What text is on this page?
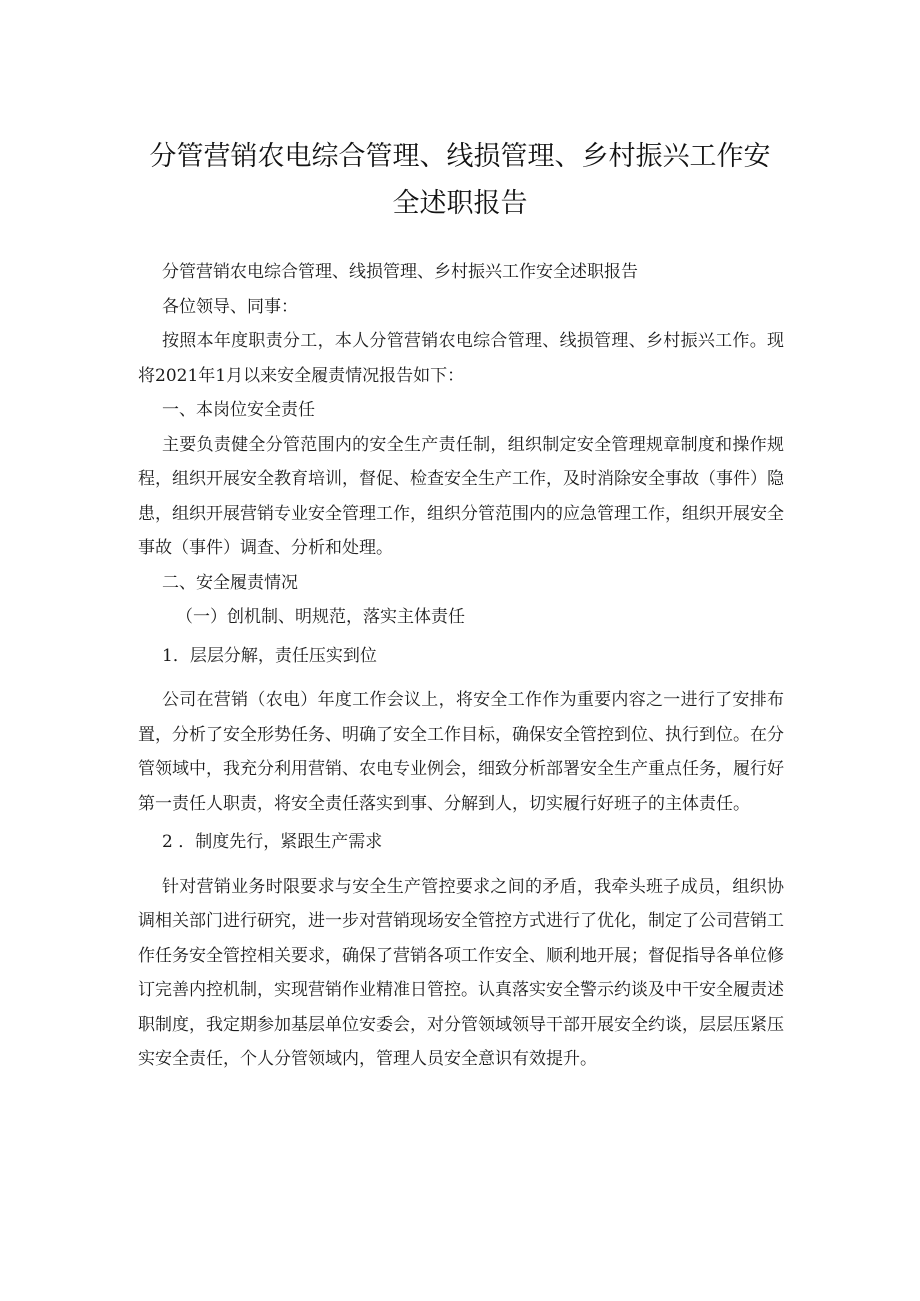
分管营销农电综合管理、线损管理、乡村振兴工作安
全述职报告

分管营销农电综合管理、线损管理、乡村振兴工作安全述职报告

各位领导、同事：

按照本年度职责分工，本人分管营销农电综合管理、线损管理、乡村振兴工作。现将2021年1月以来安全履责情况报告如下：

一、本岗位安全责任

主要负责健全分管范围内的安全生产责任制，组织制定安全管理规章制度和操作规程，组织开展安全教育培训，督促、检查安全生产工作，及时消除安全事故（事件）隐患，组织开展营销专业安全管理工作，组织分管范围内的应急管理工作，组织开展安全事故（事件）调查、分析和处理。

二、安全履责情况

（一）创机制、明规范，落实主体责任

1．层层分解，责任压实到位

公司在营销（农电）年度工作会议上，将安全工作作为重要内容之一进行了安排布置，分析了安全形势任务、明确了安全工作目标，确保安全管控到位、执行到位。在分管领域中，我充分利用营销、农电专业例会，细致分析部署安全生产重点任务，履行好第一责任人职责，将安全责任落实到事、分解到人，切实履行好班子的主体责任。

2 ．制度先行，紧跟生产需求

针对营销业务时限要求与安全生产管控要求之间的矛盾，我牵头班子成员，组织协调相关部门进行研究，进一步对营销现场安全管控方式进行了优化，制定了公司营销工作任务安全管控相关要求，确保了营销各项工作安全、顺利地开展；督促指导各单位修订完善内控机制，实现营销作业精准日管控。认真落实安全警示约谈及中干安全履责述职制度，我定期参加基层单位安委会，对分管领域领导干部开展安全约谈，层层压紧压实安全责任，个人分管领域内，管理人员安全意识有效提升。
